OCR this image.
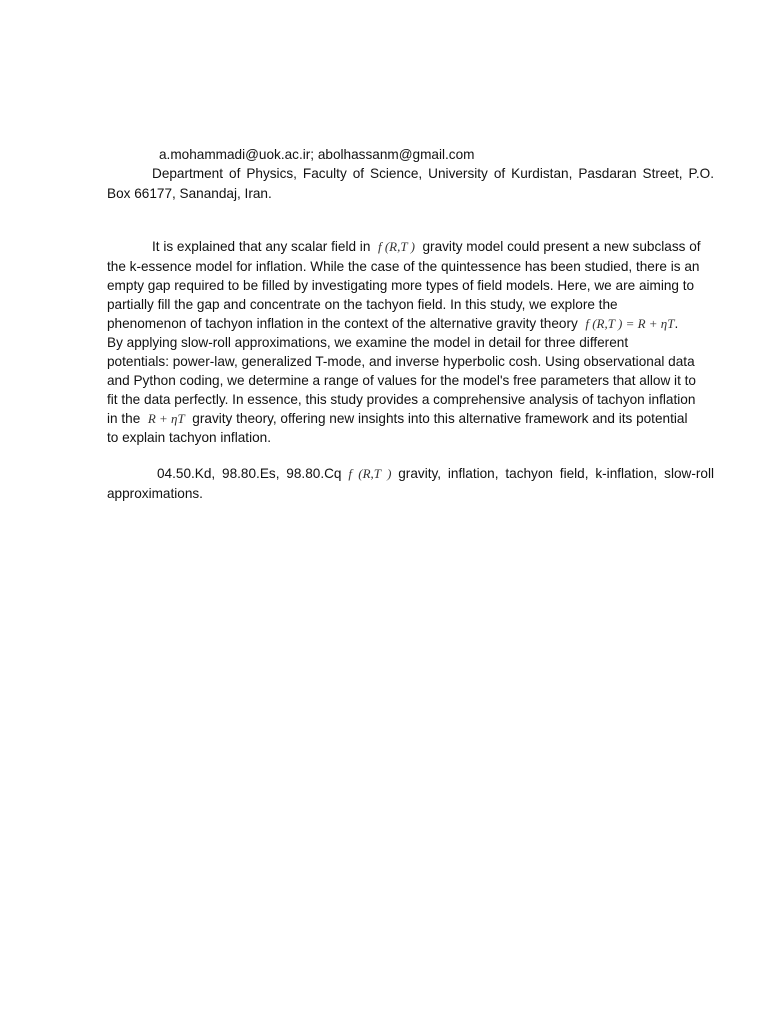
a.mohammadi@uok.ac.ir; abolhassanm@gmail.com
Department of Physics, Faculty of Science, University of Kurdistan, Pasdaran Street, P.O.
Box 66177, Sanandaj, Iran.
It is explained that any scalar field in f (R,T ) gravity model could present a new subclass of
the k-essence model for inflation. While the case of the quintessence has been studied, there is an
empty gap required to be filled by investigating more types of field models. Here, we are aiming to
partially fill the gap and concentrate on the tachyon field. In this study, we explore the
phenomenon of tachyon inflation in the context of the alternative gravity theory f (R,T ) = R + ηT.
By applying slow-roll approximations, we examine the model in detail for three different
potentials: power-law, generalized T-mode, and inverse hyperbolic cosh. Using observational data
and Python coding, we determine a range of values for the model's free parameters that allow it to
fit the data perfectly. In essence, this study provides a comprehensive analysis of tachyon inflation
in the R + ηT gravity theory, offering new insights into this alternative framework and its potential
to explain tachyon inflation.
04.50.Kd, 98.80.Es, 98.80.Cq f (R,T ) gravity, inflation, tachyon field, k-inflation, slow-roll
approximations.
